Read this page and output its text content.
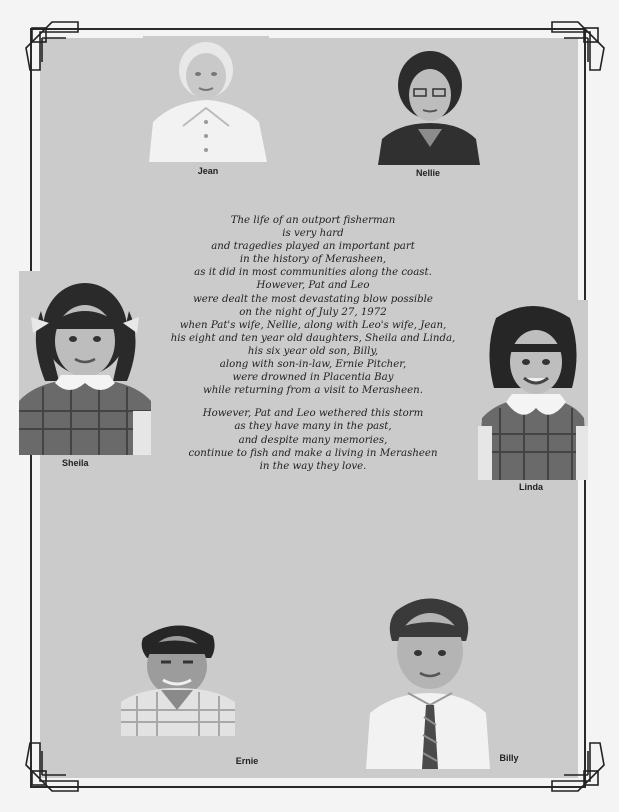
Jean	Nellie
Sheila
Linda
Ernie	Billy

The life of an outport fisherman
is very hard
and tragedies played an important part
in the history of Merasheen,
as it did in most communities along the coast.
However, Pat and Leo
were dealt the most devastating blow possible
on the night of July 27, 1972
when Pat's wife, Nellie, along with Leo's wife, Jean,
his eight and ten year old daughters, Sheila and Linda,
his six year old son, Billy,
along with son-in-law, Ernie Pitcher,
were drowned in Placentia Bay
while returning from a visit to Merasheen.

However, Pat and Leo wethered this storm
as they have many in the past,
and despite many memories,
continue to fish and make a living in Merasheen
in the way they love.
